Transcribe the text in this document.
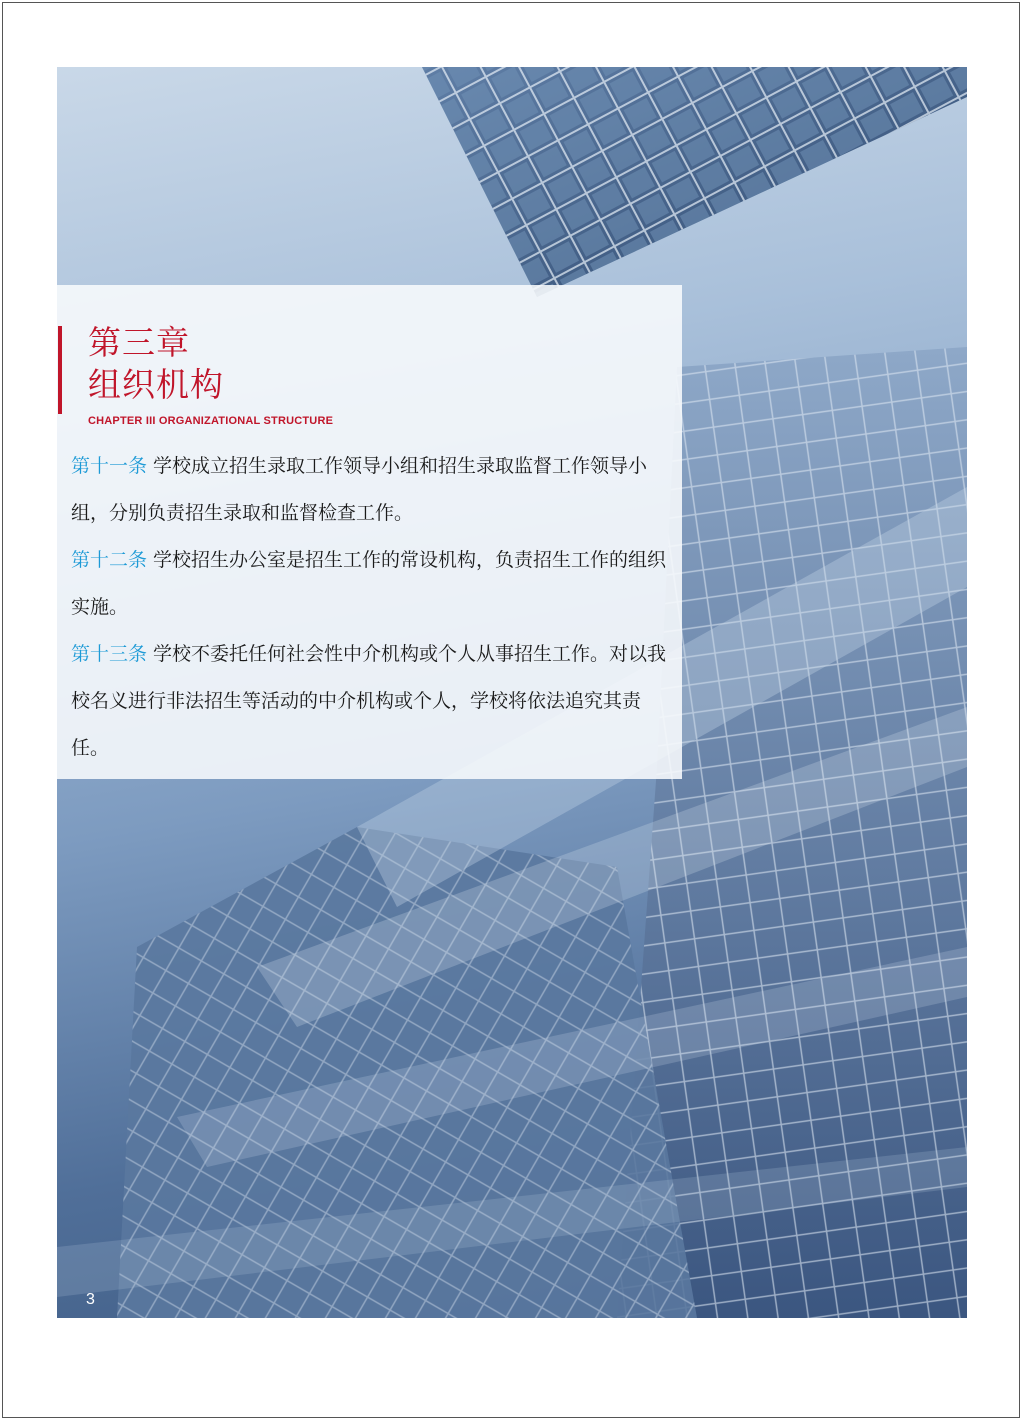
第三章
组织机构
CHAPTER III ORGANIZATIONAL STRUCTURE

第十一条 学校成立招生录取工作领导小组和招生录取监督工作领导小组，分别负责招生录取和监督检查工作。

第十二条 学校招生办公室是招生工作的常设机构，负责招生工作的组织实施。

第十三条 学校不委托任何社会性中介机构或个人从事招生工作。对以我校名义进行非法招生等活动的中介机构或个人，学校将依法追究其责任。

3
